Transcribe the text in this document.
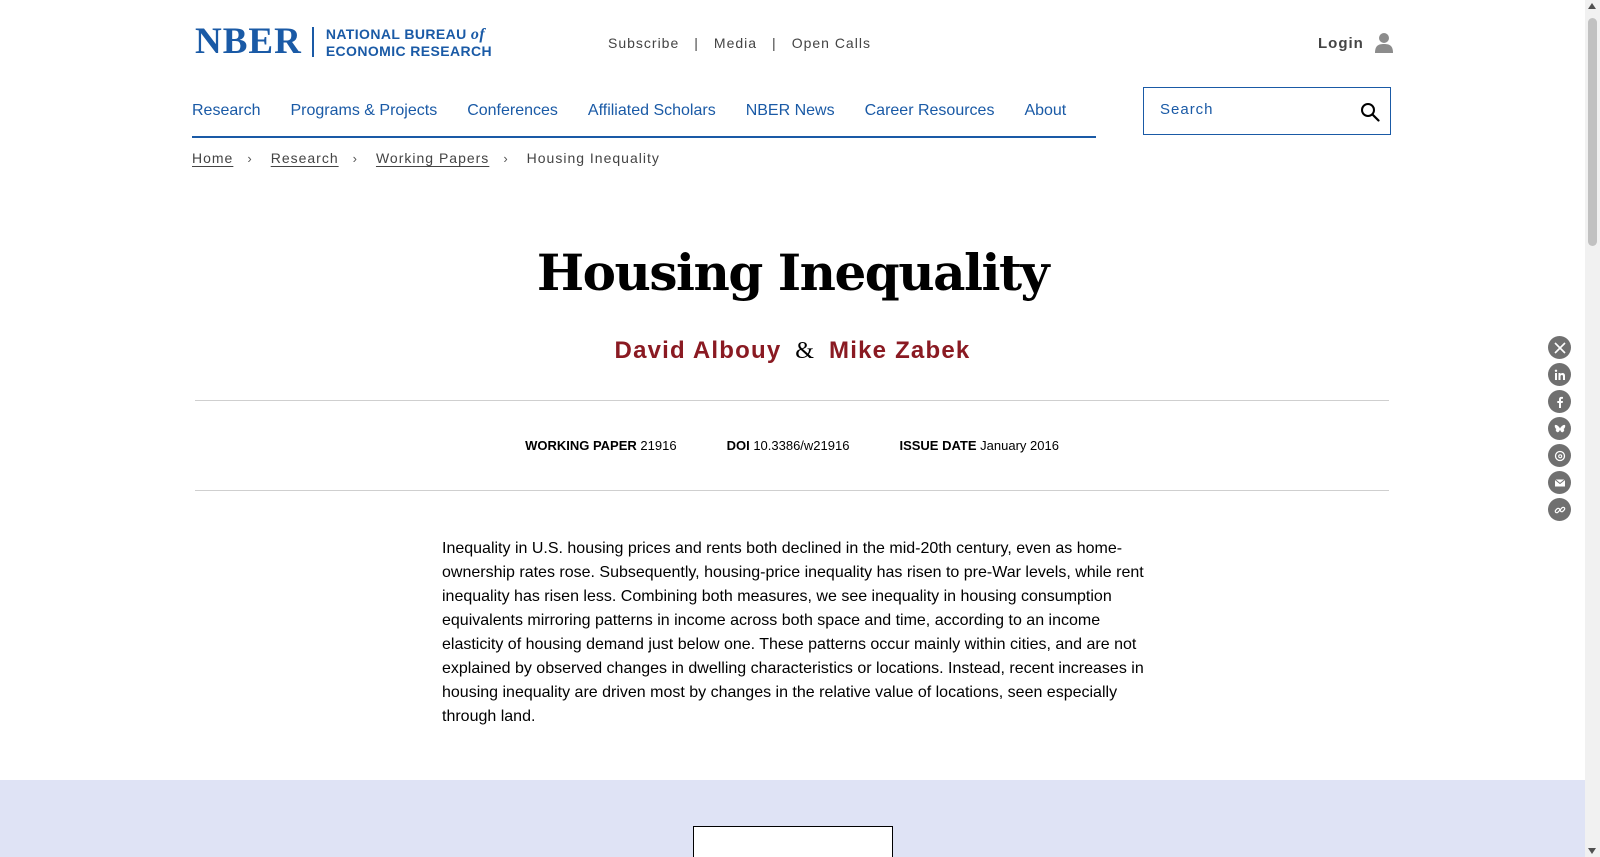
NBER NATIONAL BUREAU of
ECONOMIC RESEARCH	Subscribe | Media | Open Calls	Login
Research Programs & Projects Conferences Affiliated Scholars NBER News Career Resources About
Search
Home › Research › Working Papers › Housing Inequality
Housing Inequality
David Albouy & Mike Zabek
WORKING PAPER 21916	DOI 10.3386/w21916	ISSUE DATE January 2016

Inequality in U.S. housing prices and rents both declined in the mid-20th century, even as home-ownership rates rose. Subsequently, housing-price inequality has risen to pre-War levels, while rent inequality has risen less. Combining both measures, we see inequality in housing consumption equivalents mirroring patterns in income across both space and time, according to an income elasticity of housing demand just below one. These patterns occur mainly within cities, and are not explained by observed changes in dwelling characteristics or locations. Instead, recent increases in housing inequality are driven most by changes in the relative value of locations, seen especially through land.
